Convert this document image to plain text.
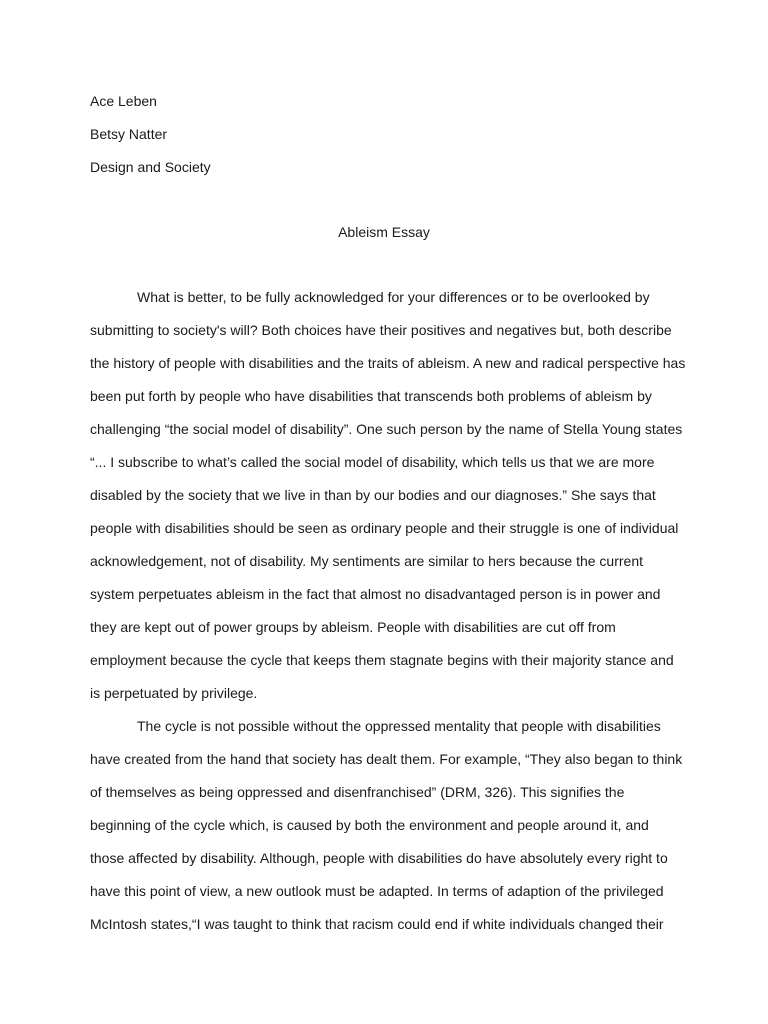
Ace Leben
Betsy Natter
Design and Society
Ableism Essay
What is better, to be fully acknowledged for your differences or to be overlooked by
submitting to society's will? Both choices have their positives and negatives but, both describe
the history of people with disabilities and the traits of ableism. A new and radical perspective has
been put forth by people who have disabilities that transcends both problems of ableism by
challenging “the social model of disability”. One such person by the name of Stella Young states
“... I subscribe to what’s called the social model of disability, which tells us that we are more
disabled by the society that we live in than by our bodies and our diagnoses.” She says that
people with disabilities should be seen as ordinary people and their struggle is one of individual
acknowledgement, not of disability. My sentiments are similar to hers because the current
system perpetuates ableism in the fact that almost no disadvantaged person is in power and
they are kept out of power groups by ableism. People with disabilities are cut off from
employment because the cycle that keeps them stagnate begins with their majority stance and
is perpetuated by privilege.
The cycle is not possible without the oppressed mentality that people with disabilities
have created from the hand that society has dealt them. For example, “They also began to think
of themselves as being oppressed and disenfranchised” (DRM, 326). This signifies the
beginning of the cycle which, is caused by both the environment and people around it, and
those affected by disability. Although, people with disabilities do have absolutely every right to
have this point of view, a new outlook must be adapted. In terms of adaption of the privileged
McIntosh states,“I was taught to think that racism could end if white individuals changed their
